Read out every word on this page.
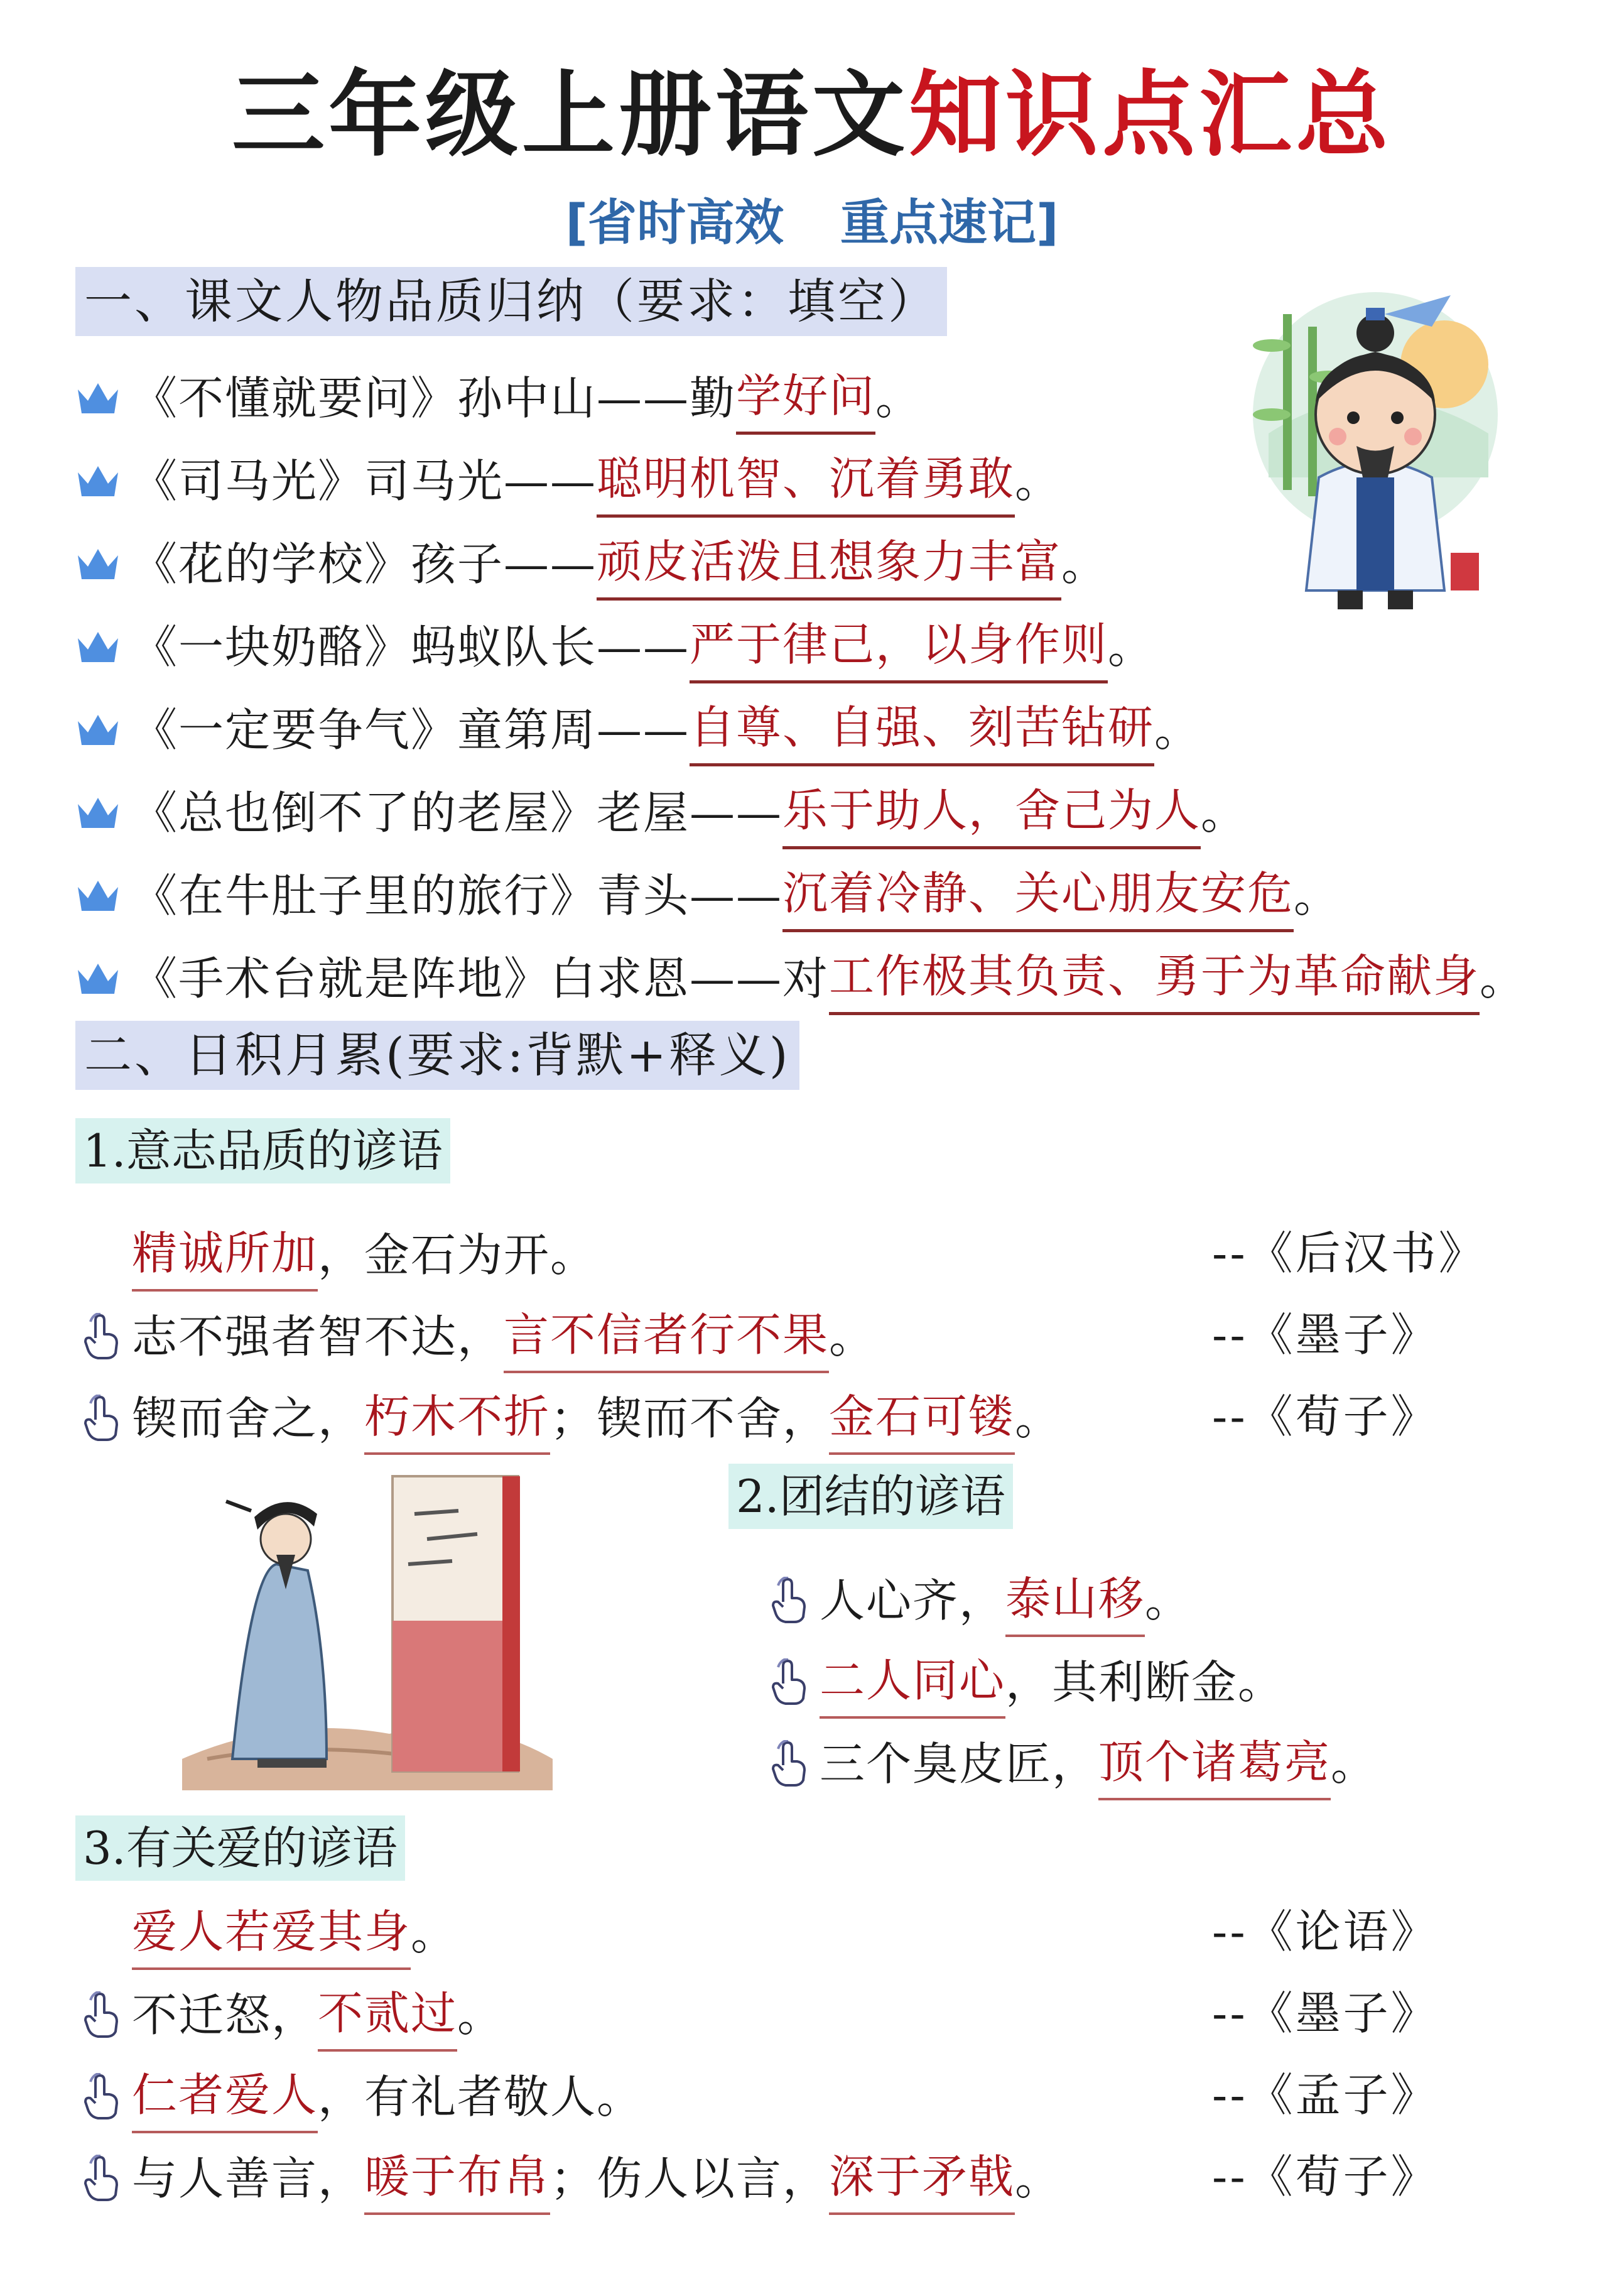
三年级上册语文知识点汇总
[省时高效 重点速记]
一、课文人物品质归纳（要求：填空）
《不懂就要问》孙中山——勤 学好问 。
《司马光》司马光—— 聪明机智、沉着勇敢 。
《花的学校》孩子—— 顽皮活泼且想象力丰富 。
《一块奶酪》蚂蚁队长—— 严于律己，以身作则 。
《一定要争气》童第周—— 自尊、自强、刻苦钻研 。
《总也倒不了的老屋》老屋—— 乐于助人，舍己为人 。
《在牛肚子里的旅行》青头—— 沉着冷静、关心朋友安危 。
《手术台就是阵地》白求恩——对 工作极其负责、勇于为革命献身 。
二、日积月累(要求:背默+释义)
1.意志品质的谚语
精诚所加 ，金石为开。	--《后汉书》
志不强者智不达， 言不信者行不果 。	--《墨子》
锲而舍之， 朽木不折 ；锲而不舍， 金石可镂 。	--《荀子》
2.团结的谚语
人心齐， 泰山移 。
二人同心 ，其利断金。
三个臭皮匠， 顶个诸葛亮 。
3.有关爱的谚语
爱人若爱其身 。	--《论语》
不迁怒， 不贰过 。	--《墨子》
仁者爱人 ，有礼者敬人。	--《孟子》
与人善言， 暖于布帛 ；伤人以言， 深于矛戟 。	--《荀子》
